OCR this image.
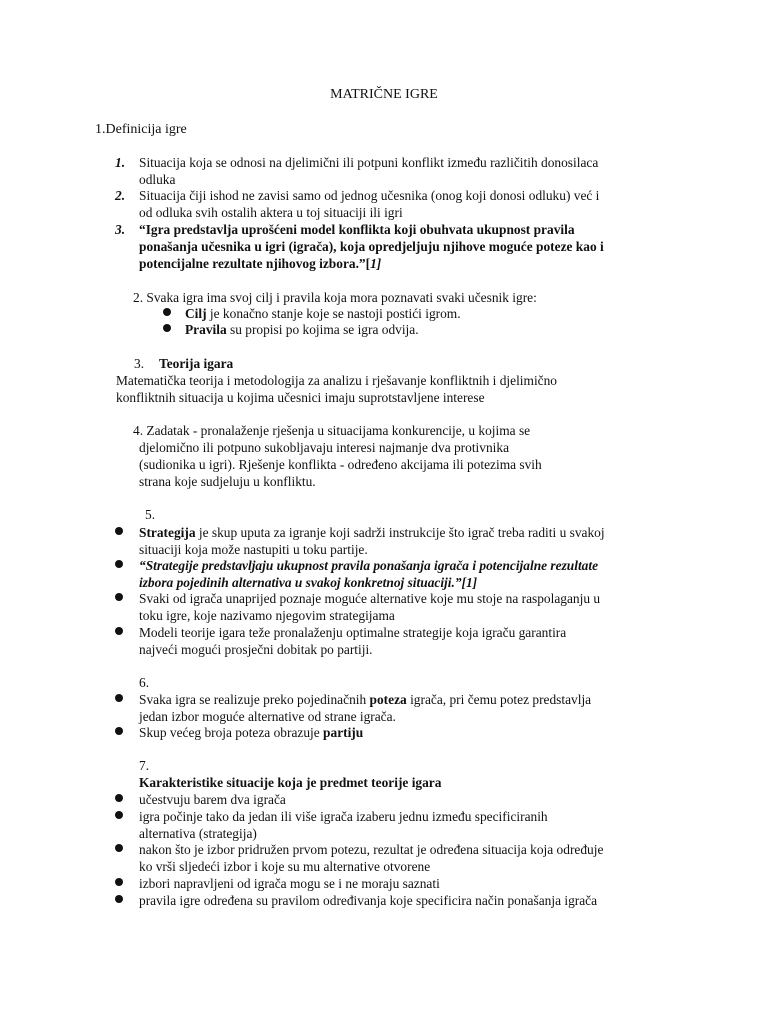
MATRIČNE IGRE
1.Definicija igre
1. Situacija koja se odnosi na djelimični ili potpuni konflikt između različitih donosilaca
odluka
2. Situacija čiji ishod ne zavisi samo od jednog učesnika (onog koji donosi odluku) već i
od odluka svih ostalih aktera u toj situaciji ili igri
3. “Igra predstavlja uprošćeni model konflikta koji obuhvata ukupnost pravila
ponašanja učesnika u igri (igrača), koja opredjeljuju njihove moguće poteze kao i
potencijalne rezultate njihovog izbora.”[1]
2. Svaka igra ima svoj cilj i pravila koja mora poznavati svaki učesnik igre:
Cilj je konačno stanje koje se nastoji postići igrom.
Pravila su propisi po kojima se igra odvija.
3. Teorija igara
Matematička teorija i metodologija za analizu i rješavanje konfliktnih i djelimično
konfliktnih situacija u kojima učesnici imaju suprotstavljene interese
4. Zadatak - pronalaženje rješenja u situacijama konkurencije, u kojima se
djelomično ili potpuno sukobljavaju interesi najmanje dva protivnika
(sudionika u igri). Rješenje konflikta - određeno akcijama ili potezima svih
strana koje sudjeluju u konfliktu.
5.
Strategija je skup uputa za igranje koji sadrži instrukcije što igrač treba raditi u svakoj
situaciji koja može nastupiti u toku partije.
“Strategije predstavljaju ukupnost pravila ponašanja igrača i potencijalne rezultate
izbora pojedinih alternativa u svakoj konkretnoj situaciji.”[1]
Svaki od igrača unaprijed poznaje moguće alternative koje mu stoje na raspolaganju u
toku igre, koje nazivamo njegovim strategijama
Modeli teorije igara teže pronalaženju optimalne strategije koja igraču garantira
najveći mogući prosječni dobitak po partiji.
6.
Svaka igra se realizuje preko pojedinačnih poteza igrača, pri čemu potez predstavlja
jedan izbor moguće alternative od strane igrača.
Skup većeg broja poteza obrazuje partiju
7.
Karakteristike situacije koja je predmet teorije igara
učestvuju barem dva igrača
igra počinje tako da jedan ili više igrača izaberu jednu između specificiranih
alternativa (strategija)
nakon što je izbor pridružen prvom potezu, rezultat je određena situacija koja određuje
ko vrši sljedeći izbor i koje su mu alternative otvorene
izbori napravljeni od igrača mogu se i ne moraju saznati
pravila igre određena su pravilom određivanja koje specificira način ponašanja igrača
